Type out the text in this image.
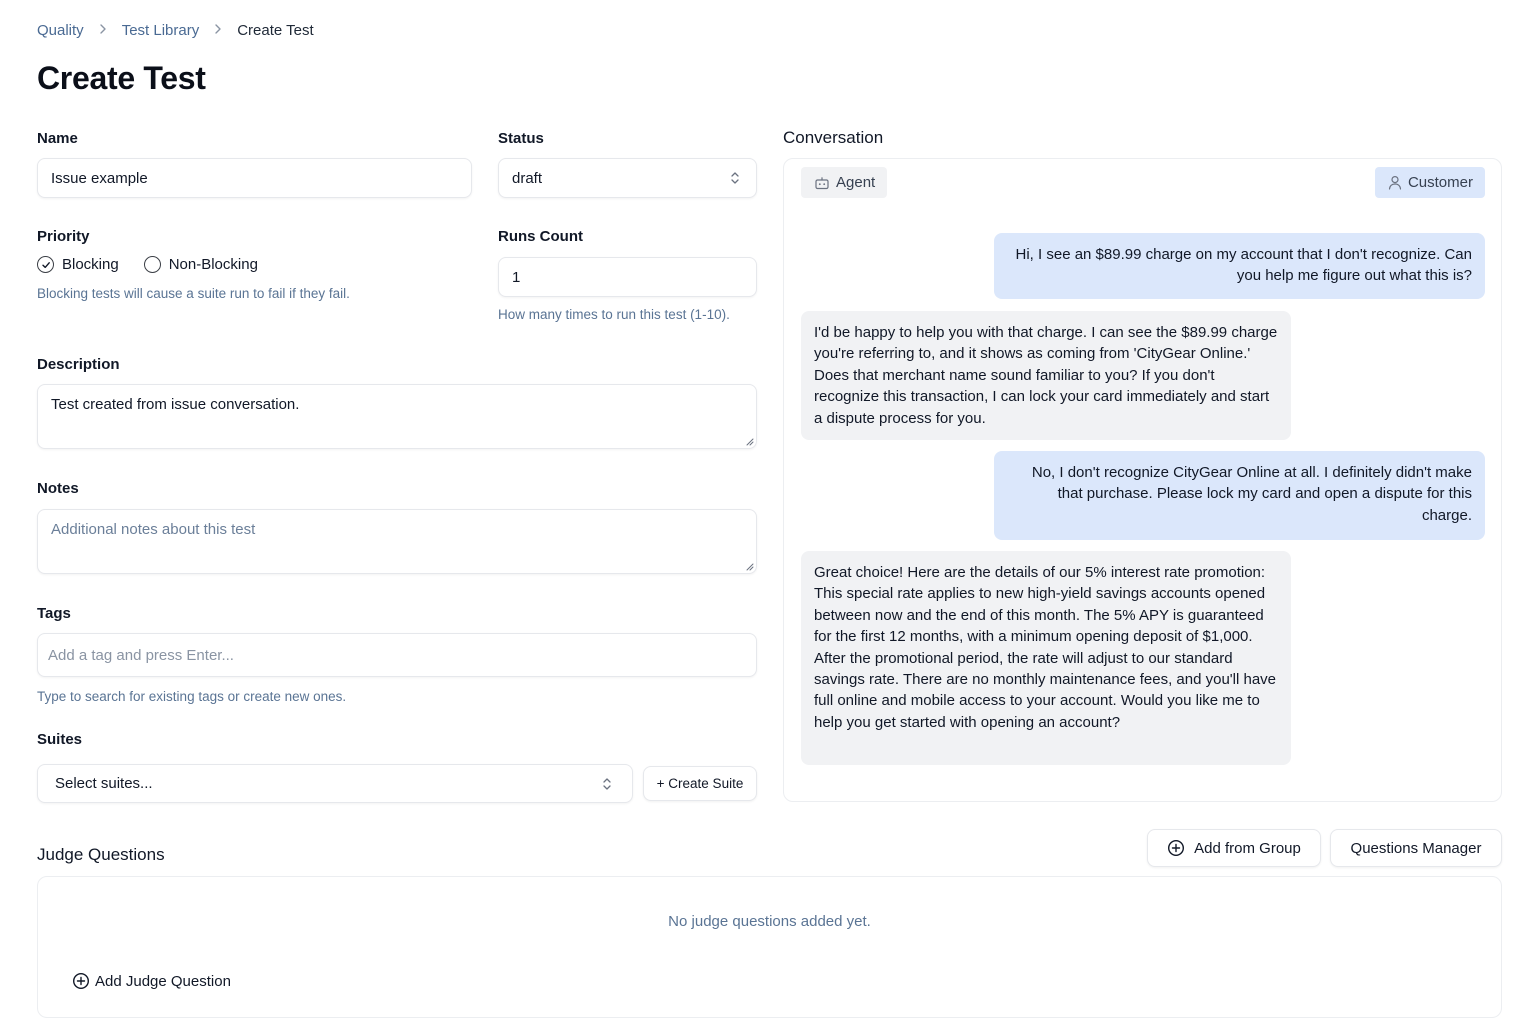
Quality	Test Library	Create Test
Create Test
Name
Issue example
Status
draft
Priority
Blocking	Non-Blocking
Blocking tests will cause a suite run to fail if they fail.
Runs Count
1
How many times to run this test (1-10).
Description
Test created from issue conversation.
Notes
Additional notes about this test
Tags
Add a tag and press Enter...
Type to search for existing tags or create new ones.
Suites
Select suites...	+ Create Suite
Conversation
Agent	Customer
Hi, I see an $89.99 charge on my account that I don't recognize. Can you help me figure out what this is?
I'd be happy to help you with that charge. I can see the $89.99 charge you're referring to, and it shows as coming from 'CityGear Online.' Does that merchant name sound familiar to you? If you don't recognize this transaction, I can lock your card immediately and start a dispute process for you.
No, I don't recognize CityGear Online at all. I definitely didn't make that purchase. Please lock my card and open a dispute for this charge.
Great choice! Here are the details of our 5% interest rate promotion: This special rate applies to new high-yield savings accounts opened between now and the end of this month. The 5% APY is guaranteed for the first 12 months, with a minimum opening deposit of $1,000. After the promotional period, the rate will adjust to our standard savings rate. There are no monthly maintenance fees, and you'll have full online and mobile access to your account. Would you like me to help you get started with opening an account?
Judge Questions	Add from Group	Questions Manager
No judge questions added yet.
Add Judge Question
